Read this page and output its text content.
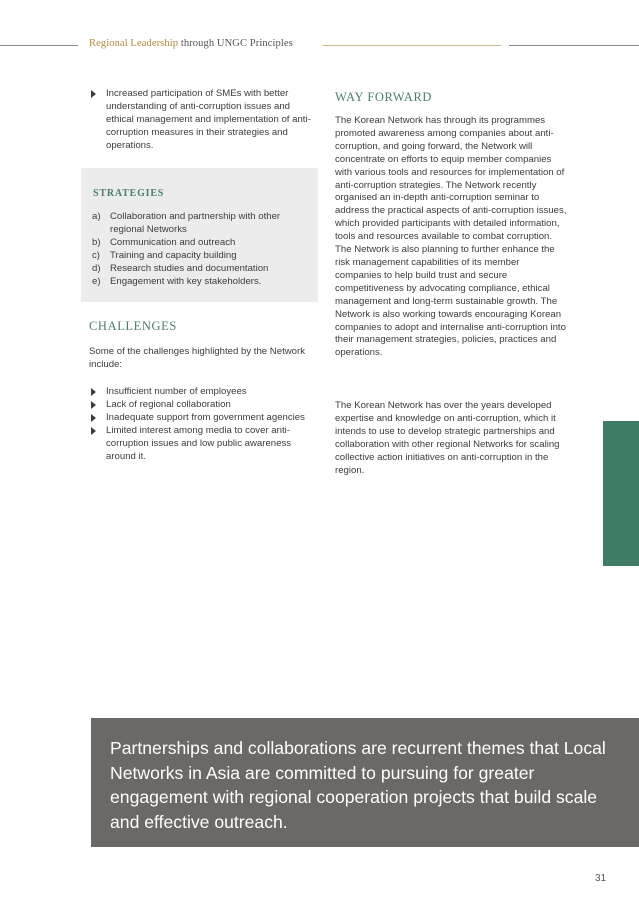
Regional Leadership through UNGC Principles
Increased participation of SMEs with better understanding of anti-corruption issues and ethical management and implementation of anti-corruption measures in their strategies and operations.
STRATEGIES
a) Collaboration and partnership with other regional Networks
b) Communication and outreach
c) Training and capacity building
d) Research studies and documentation
e) Engagement with key stakeholders.
CHALLENGES
Some of the challenges highlighted by the Network include:
Insufficient number of employees
Lack of regional collaboration
Inadequate support from government agencies
Limited interest among media to cover anti-corruption issues and low public awareness around it.
WAY FORWARD

The Korean Network has through its programmes promoted awareness among companies about anti-corruption, and going forward, the Network will concentrate on efforts to equip member companies with various tools and resources for implementation of anti-corruption strategies. The Network recently organised an in-depth anti-corruption seminar to address the practical aspects of anti-corruption issues, which provided participants with detailed information, tools and resources available to combat corruption. The Network is also planning to further enhance the risk management capabilities of its member companies to help build trust and secure competitiveness by advocating compliance, ethical management and long-term sustainable growth. The Network is also working towards encouraging Korean companies to adopt and internalise anti-corruption into their management strategies, policies, practices and operations.

The Korean Network has over the years developed expertise and knowledge on anti-corruption, which it intends to use to develop strategic partnerships and collaboration with other regional Networks for scaling collective action initiatives on anti-corruption in the region.

Partnerships and collaborations are recurrent themes that Local Networks in Asia are committed to pursuing for greater engagement with regional cooperation projects that build scale and effective outreach.

31
